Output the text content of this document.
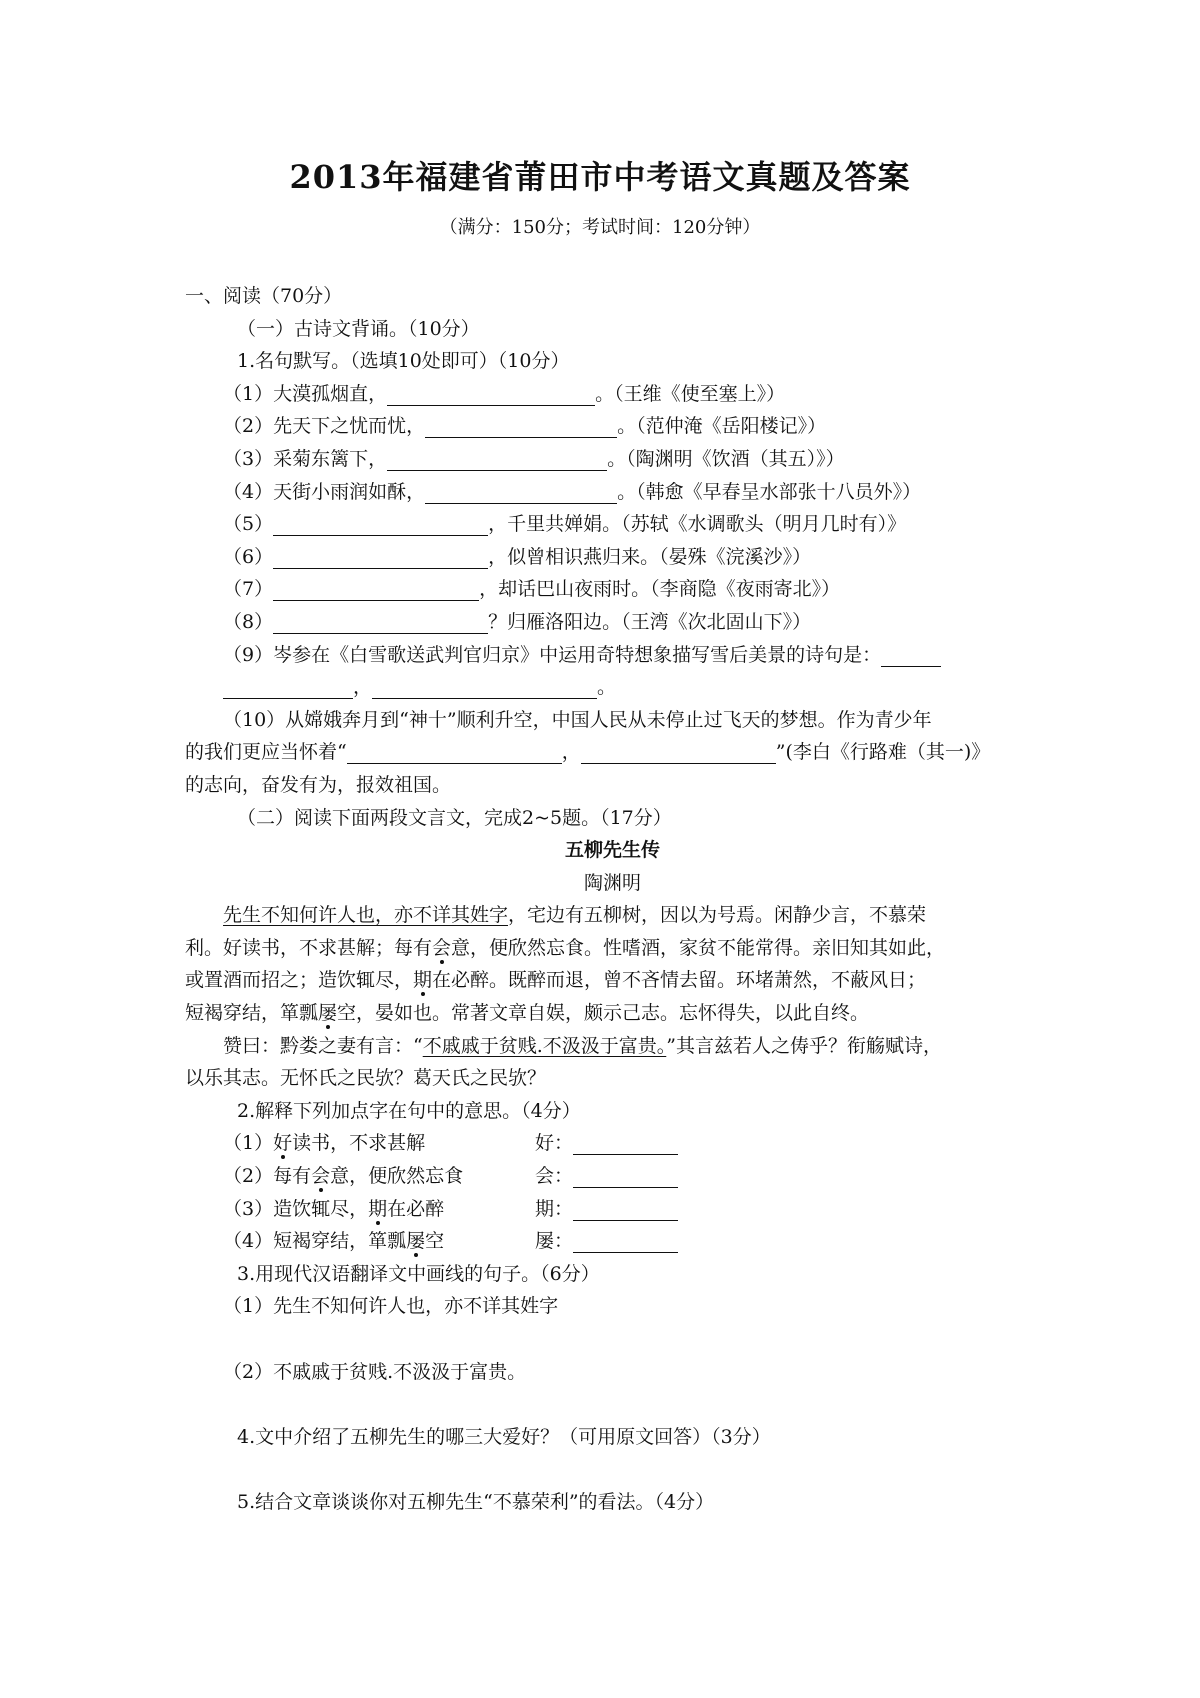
2013年福建省莆田市中考语文真题及答案
（满分：150分；考试时间：120分钟）
一、阅读（70分）
（一）古诗文背诵。（10分）
1.名句默写。（选填10处即可）（10分）
（1）大漠孤烟直，	。（王维《使至塞上》）
（2）先天下之忧而忧，	。（范仲淹《岳阳楼记》）
（3）采菊东篱下，	。（陶渊明《饮酒（其五）》）
（4）天街小雨润如酥，	。（韩愈《早春呈水部张十八员外》）
（5）	，千里共婵娟。（苏轼《水调歌头（明月几时有）》
（6）	，似曾相识燕归来。（晏殊《浣溪沙》）
（7）	，却话巴山夜雨时。（李商隐《夜雨寄北》）
（8）	？归雁洛阳边。（王湾《次北固山下》）
（9）岑参在《白雪歌送武判官归京》中运用奇特想象描写雪后美景的诗句是：
，	。
（10）从嫦娥奔月到“神十”顺利升空，中国人民从未停止过飞天的梦想。作为青少年
的我们更应当怀着“	，	”(李白《行路难（其一)》
的志向，奋发有为，报效祖国。
（二）阅读下面两段文言文，完成2~5题。（17分）
五柳先生传
陶渊明
先生不知何许人也，亦不详其姓字，宅边有五柳树，因以为号焉。闲静少言，不慕荣
利。好读书，不求甚解；每有会意，便欣然忘食。性嗜酒，家贫不能常得。亲旧知其如此，
或置酒而招之；造饮辄尽，期在必醉。既醉而退，曾不吝情去留。环堵萧然，不蔽风日；
短褐穿结，箪瓢屡空，晏如也。常著文章自娱，颇示己志。忘怀得失，以此自终。
赞曰：黔娄之妻有言：“不戚戚于贫贱.不汲汲于富贵。”其言兹若人之俦乎？衔觞赋诗，
以乐其志。无怀氏之民欤？葛天氏之民欤？
2.解释下列加点字在句中的意思。（4分）
（1）好读书，不求甚解	好：
（2）每有会意，便欣然忘食	会：
（3）造饮辄尽，期在必醉	期：
（4）短褐穿结，箪瓢屡空	屡：
3.用现代汉语翻译文中画线的句子。（6分）
（1）先生不知何许人也，亦不详其姓字
（2）不戚戚于贫贱.不汲汲于富贵。
4.文中介绍了五柳先生的哪三大爱好？（可用原文回答）（3分）
5.结合文章谈谈你对五柳先生“不慕荣利”的看法。（4分）
